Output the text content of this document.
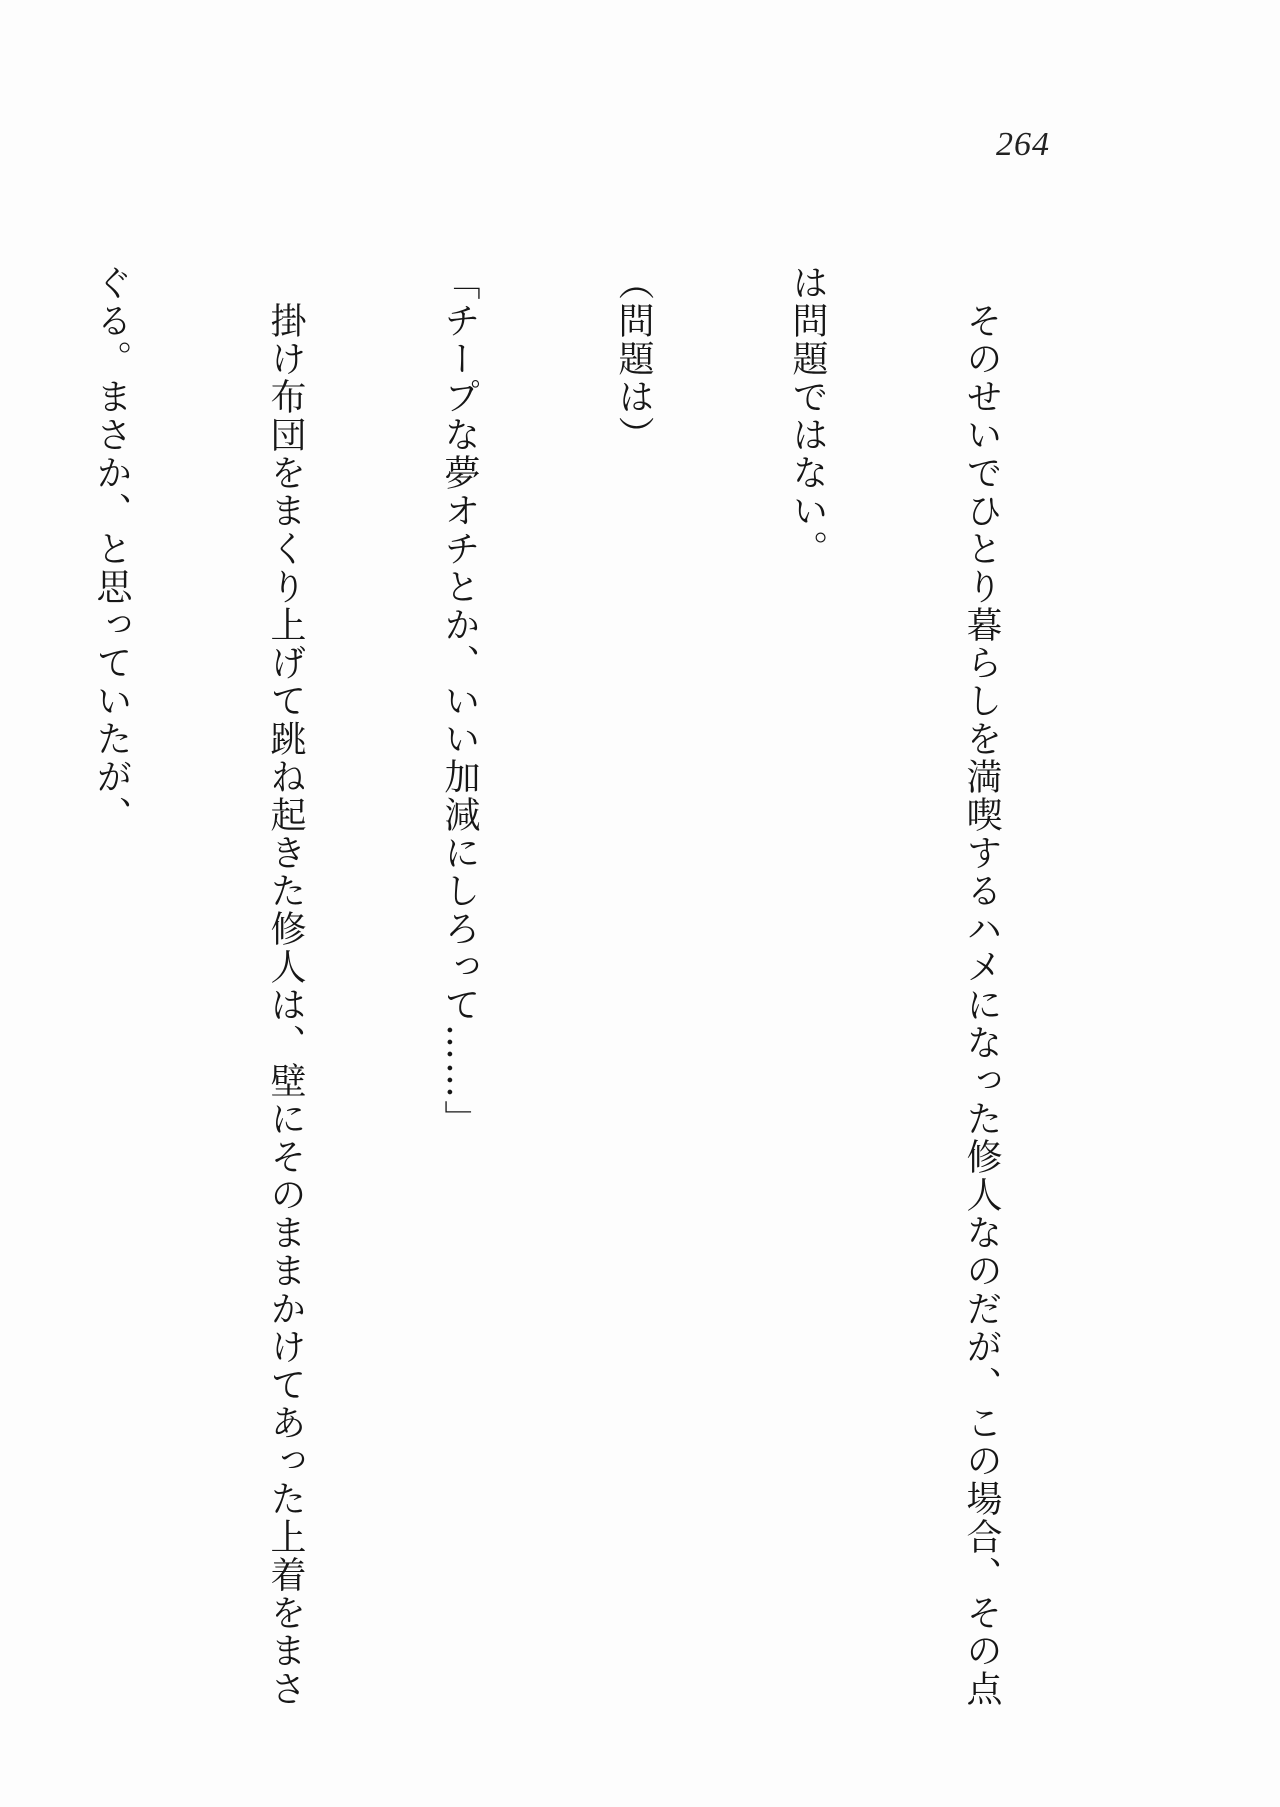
264

　そのせいでひとり暮らしを満喫するハメになった修人なのだが、この場合、その点

は問題ではない。

（問題は）

「チープな夢オチとか、いい加減にしろって……」

　掛け布団をまくり上げて跳ね起きた修人は、壁にそのままかけてあった上着をまさ

ぐる。まさか、と思っていたが、
